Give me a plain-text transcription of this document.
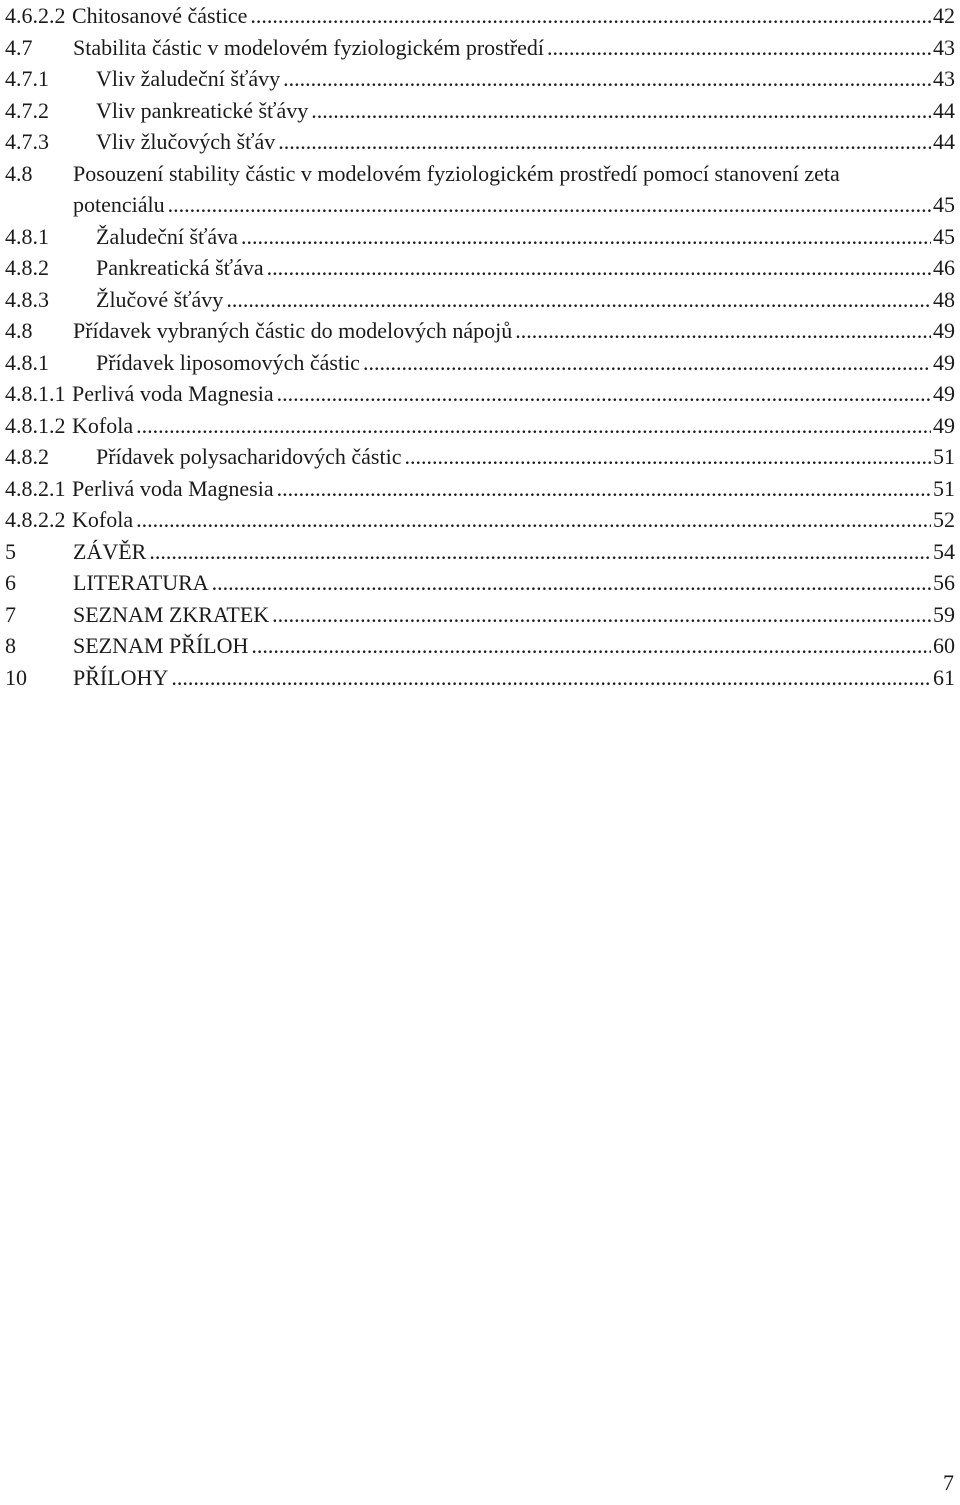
4.6.2.2 Chitosanové částice .....	42
4.7 Stabilita částic v modelovém fyziologickém prostředí .....	43
4.7.1 Vliv žaludeční šťávy .....	43
4.7.2 Vliv pankreatické šťávy .....	44
4.7.3 Vliv žlučových šťáv .....	44
4.8 Posouzení stability částic v modelovém fyziologickém prostředí pomocí stanovení zeta
potenciálu .....	45
4.8.1 Žaludeční šťáva .....	45
4.8.2 Pankreatická šťáva .....	46
4.8.3 Žlučové šťávy .....	48
4.8 Přídavek vybraných částic do modelových nápojů .....	49
4.8.1 Přídavek liposomových částic .....	49
4.8.1.1 Perlivá voda Magnesia .....	49
4.8.1.2 Kofola .....	49
4.8.2 Přídavek polysacharidových částic .....	51
4.8.2.1 Perlivá voda Magnesia .....	51
4.8.2.2 Kofola .....	52
5	ZÁVĚR .....	54
6	LITERATURA .....	56
7	SEZNAM ZKRATEK .....	59
8	SEZNAM PŘÍLOH .....	60
10 PŘÍLOHY .....	61
7
